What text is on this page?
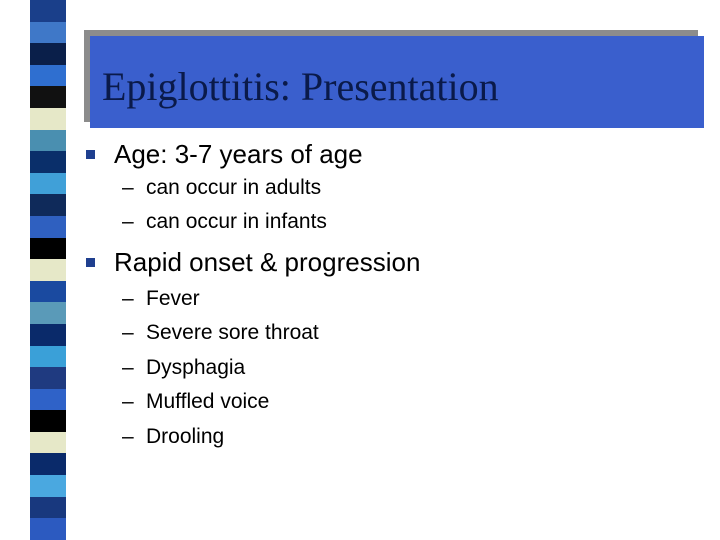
Epiglottitis: Presentation
Age: 3-7 years of age
– can occur in adults
– can occur in infants
Rapid onset & progression
– Fever
– Severe sore throat
– Dysphagia
– Muffled voice
– Drooling
